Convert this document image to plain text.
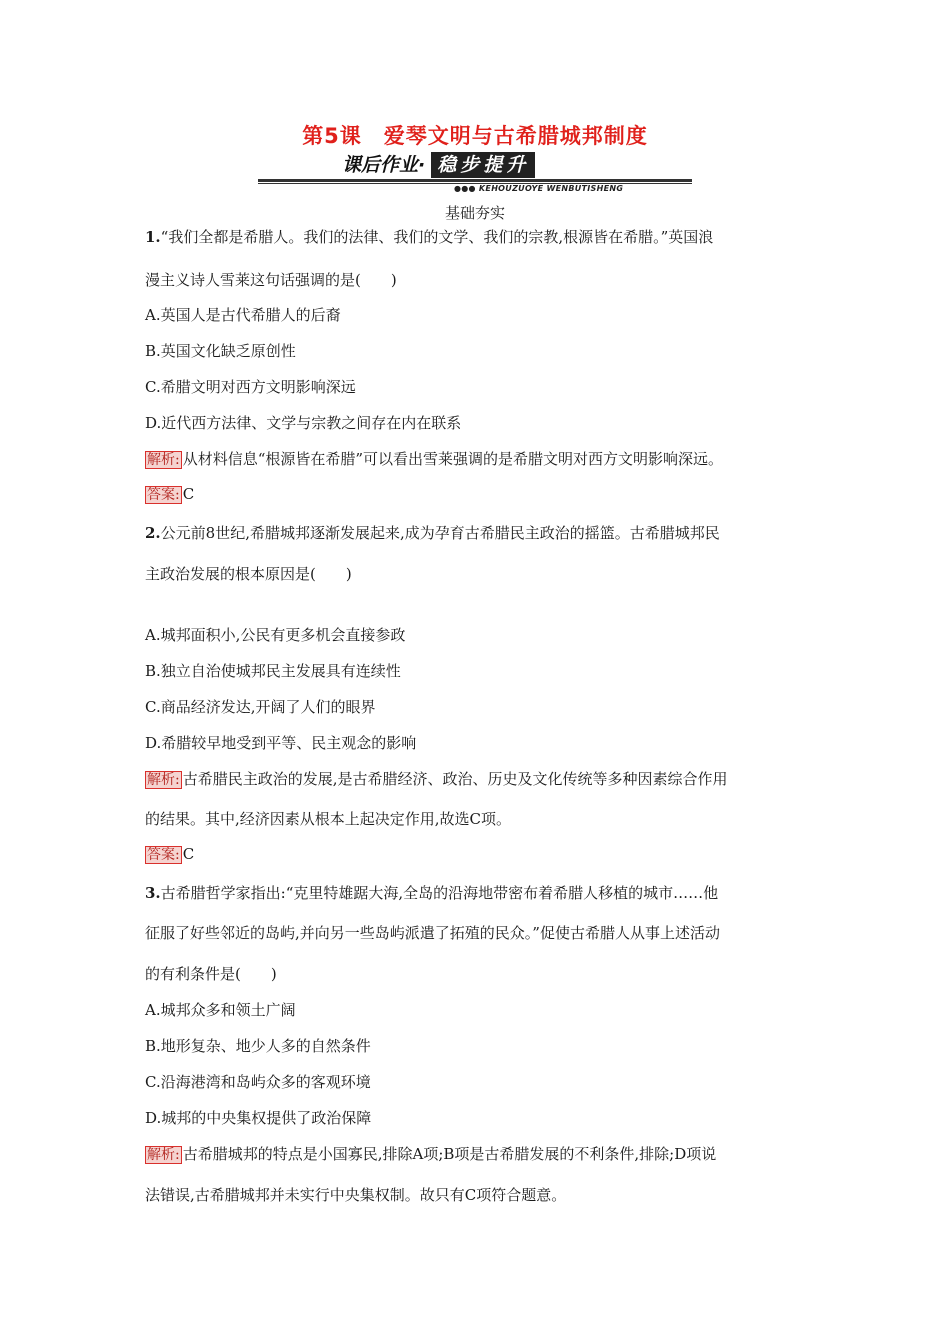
第5课　爱琴文明与古希腊城邦制度
课后作业· 稳步提升
●●● KEHOUZUOYE WENBUTISHENG
基础夯实
1.“我们全都是希腊人。我们的法律、我们的文学、我们的宗教,根源皆在希腊。”英国浪
漫主义诗人雪莱这句话强调的是(　　)
A.英国人是古代希腊人的后裔
B.英国文化缺乏原创性
C.希腊文明对西方文明影响深远
D.近代西方法律、文学与宗教之间存在内在联系
解析: 从材料信息“根源皆在希腊”可以看出雪莱强调的是希腊文明对西方文明影响深远。
答案: C
2.公元前8世纪,希腊城邦逐渐发展起来,成为孕育古希腊民主政治的摇篮。古希腊城邦民
主政治发展的根本原因是(　　)
A.城邦面积小,公民有更多机会直接参政
B.独立自治使城邦民主发展具有连续性
C.商品经济发达,开阔了人们的眼界
D.希腊较早地受到平等、民主观念的影响
解析: 古希腊民主政治的发展,是古希腊经济、政治、历史及文化传统等多种因素综合作用
的结果。其中,经济因素从根本上起决定作用,故选C项。
答案: C
3.古希腊哲学家指出:“克里特雄踞大海,全岛的沿海地带密布着希腊人移植的城市……他
征服了好些邻近的岛屿,并向另一些岛屿派遣了拓殖的民众。”促使古希腊人从事上述活动
的有利条件是(　　)
A.城邦众多和领土广阔
B.地形复杂、地少人多的自然条件
C.沿海港湾和岛屿众多的客观环境
D.城邦的中央集权提供了政治保障
解析: 古希腊城邦的特点是小国寡民,排除A项;B项是古希腊发展的不利条件,排除;D项说
法错误,古希腊城邦并未实行中央集权制。故只有C项符合题意。
